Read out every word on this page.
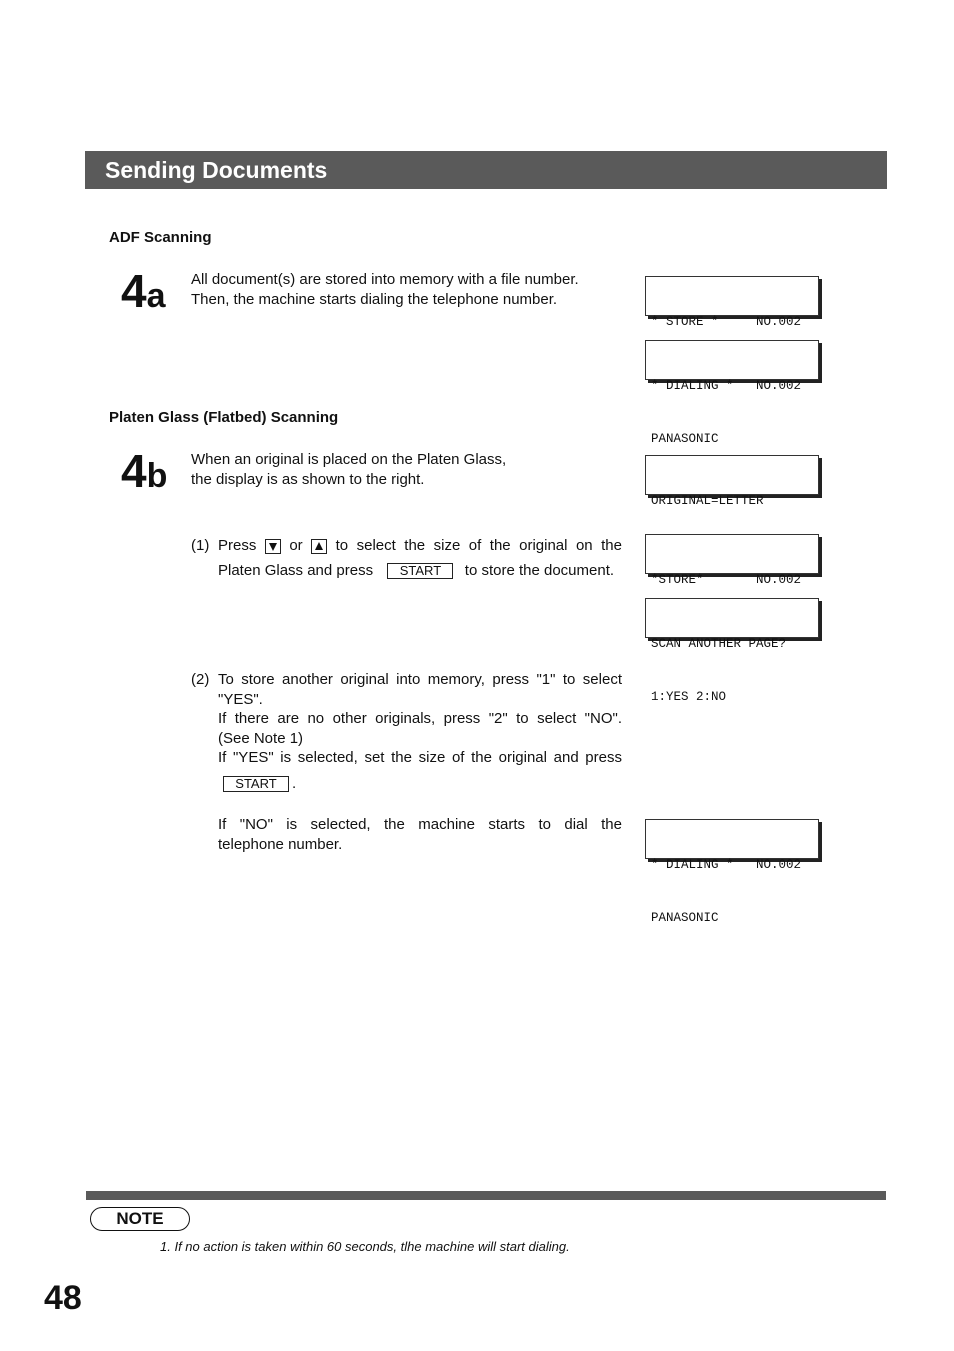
Sending Documents
ADF Scanning
4a All document(s) are stored into memory with a file number.
Then, the machine starts dialing the telephone number.

* STORE *     NO.002

* DIALING *   NO.002

PANASONIC

Platen Glass (Flatbed) Scanning
4b When an original is placed on the Platen Glass,
the display is as shown to the right.

ORIGINAL=LETTER

(1) Press or to select the size of the original on the
Platen Glass and press START to store the document.

*STORE*       NO.002

SCAN ANOTHER PAGE?

1:YES 2:NO

(2) To store another original into memory, press "1" to select
"YES".
If there are no other originals, press "2" to select "NO".
(See Note 1)
If "YES" is selected, set the size of the original and press
START .
If "NO" is selected, the machine starts to dial the
telephone number.

* DIALING *   NO.002

PANASONIC

NOTE
1. If no action is taken within 60 seconds, tlhe machine will start dialing.
48
